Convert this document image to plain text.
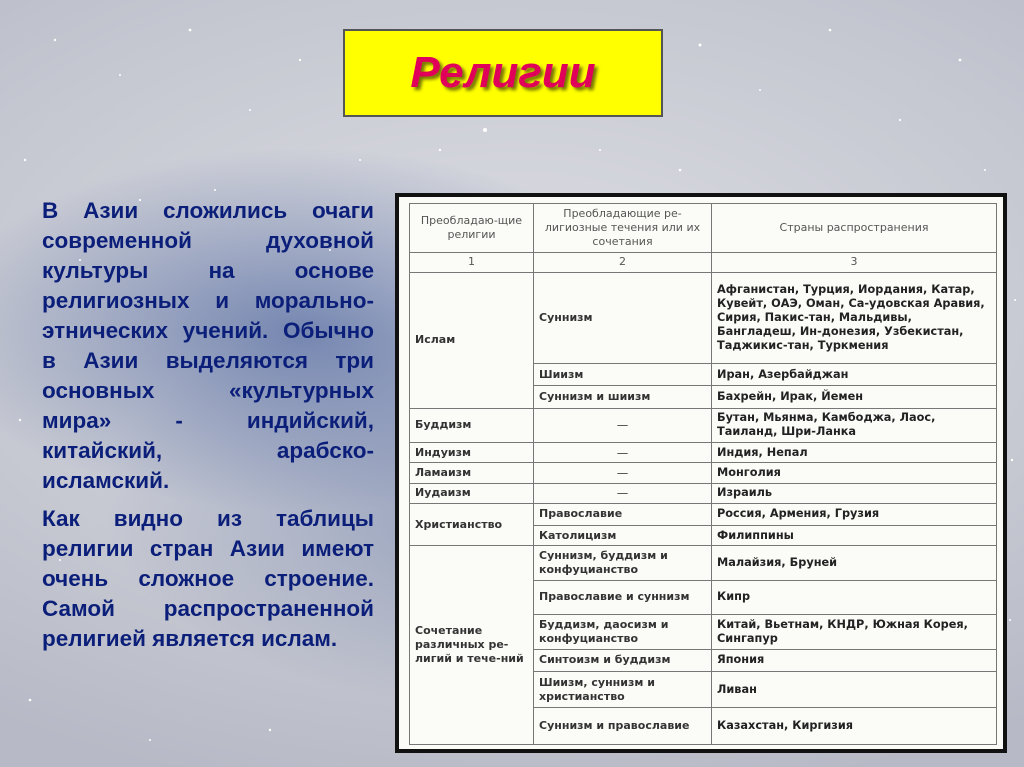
Религии

В Азии сложились очаги современной духовной культуры на основе религиозных и морально-этнических учений. Обычно в Азии выделяются три основных «культурных мира» - индийский, китайский, арабско-исламский.

Как видно из таблицы религии стран Азии имеют очень сложное строение. Самой распространенной религией является ислам.

Преобладаю-щие религии	Преобладающие ре-лигиозные течения или их сочетания	Страны распространения
1	2	3
Ислам	Суннизм	Афганистан, Турция, Иордания, Катар, Кувейт, ОАЭ, Оман, Са-удовская Аравия, Сирия, Пакис-тан, Мальдивы, Бангладеш, Ин-донезия, Узбекистан, Таджикис-тан, Туркмения
	Шиизм	Иран, Азербайджан
	Суннизм и шиизм	Бахрейн, Ирак, Йемен
Буддизм	—	Бутан, Мьянма, Камбоджа, Лаос, Таиланд, Шри-Ланка
Индуизм	—	Индия, Непал
Ламаизм	—	Монголия
Иудаизм	—	Израиль
Христианство	Православие	Россия, Армения, Грузия
	Католицизм	Филиппины
Сочетание различных ре-лигий и тече-ний	Суннизм, буддизм и конфуцианство	Малайзия, Бруней
	Православие и суннизм	Кипр
	Буддизм, даосизм и конфуцианство	Китай, Вьетнам, КНДР, Южная Корея, Сингапур
	Синтоизм и буддизм	Япония
	Шиизм, суннизм и христианство	Ливан
	Суннизм и православие	Казахстан, Киргизия
